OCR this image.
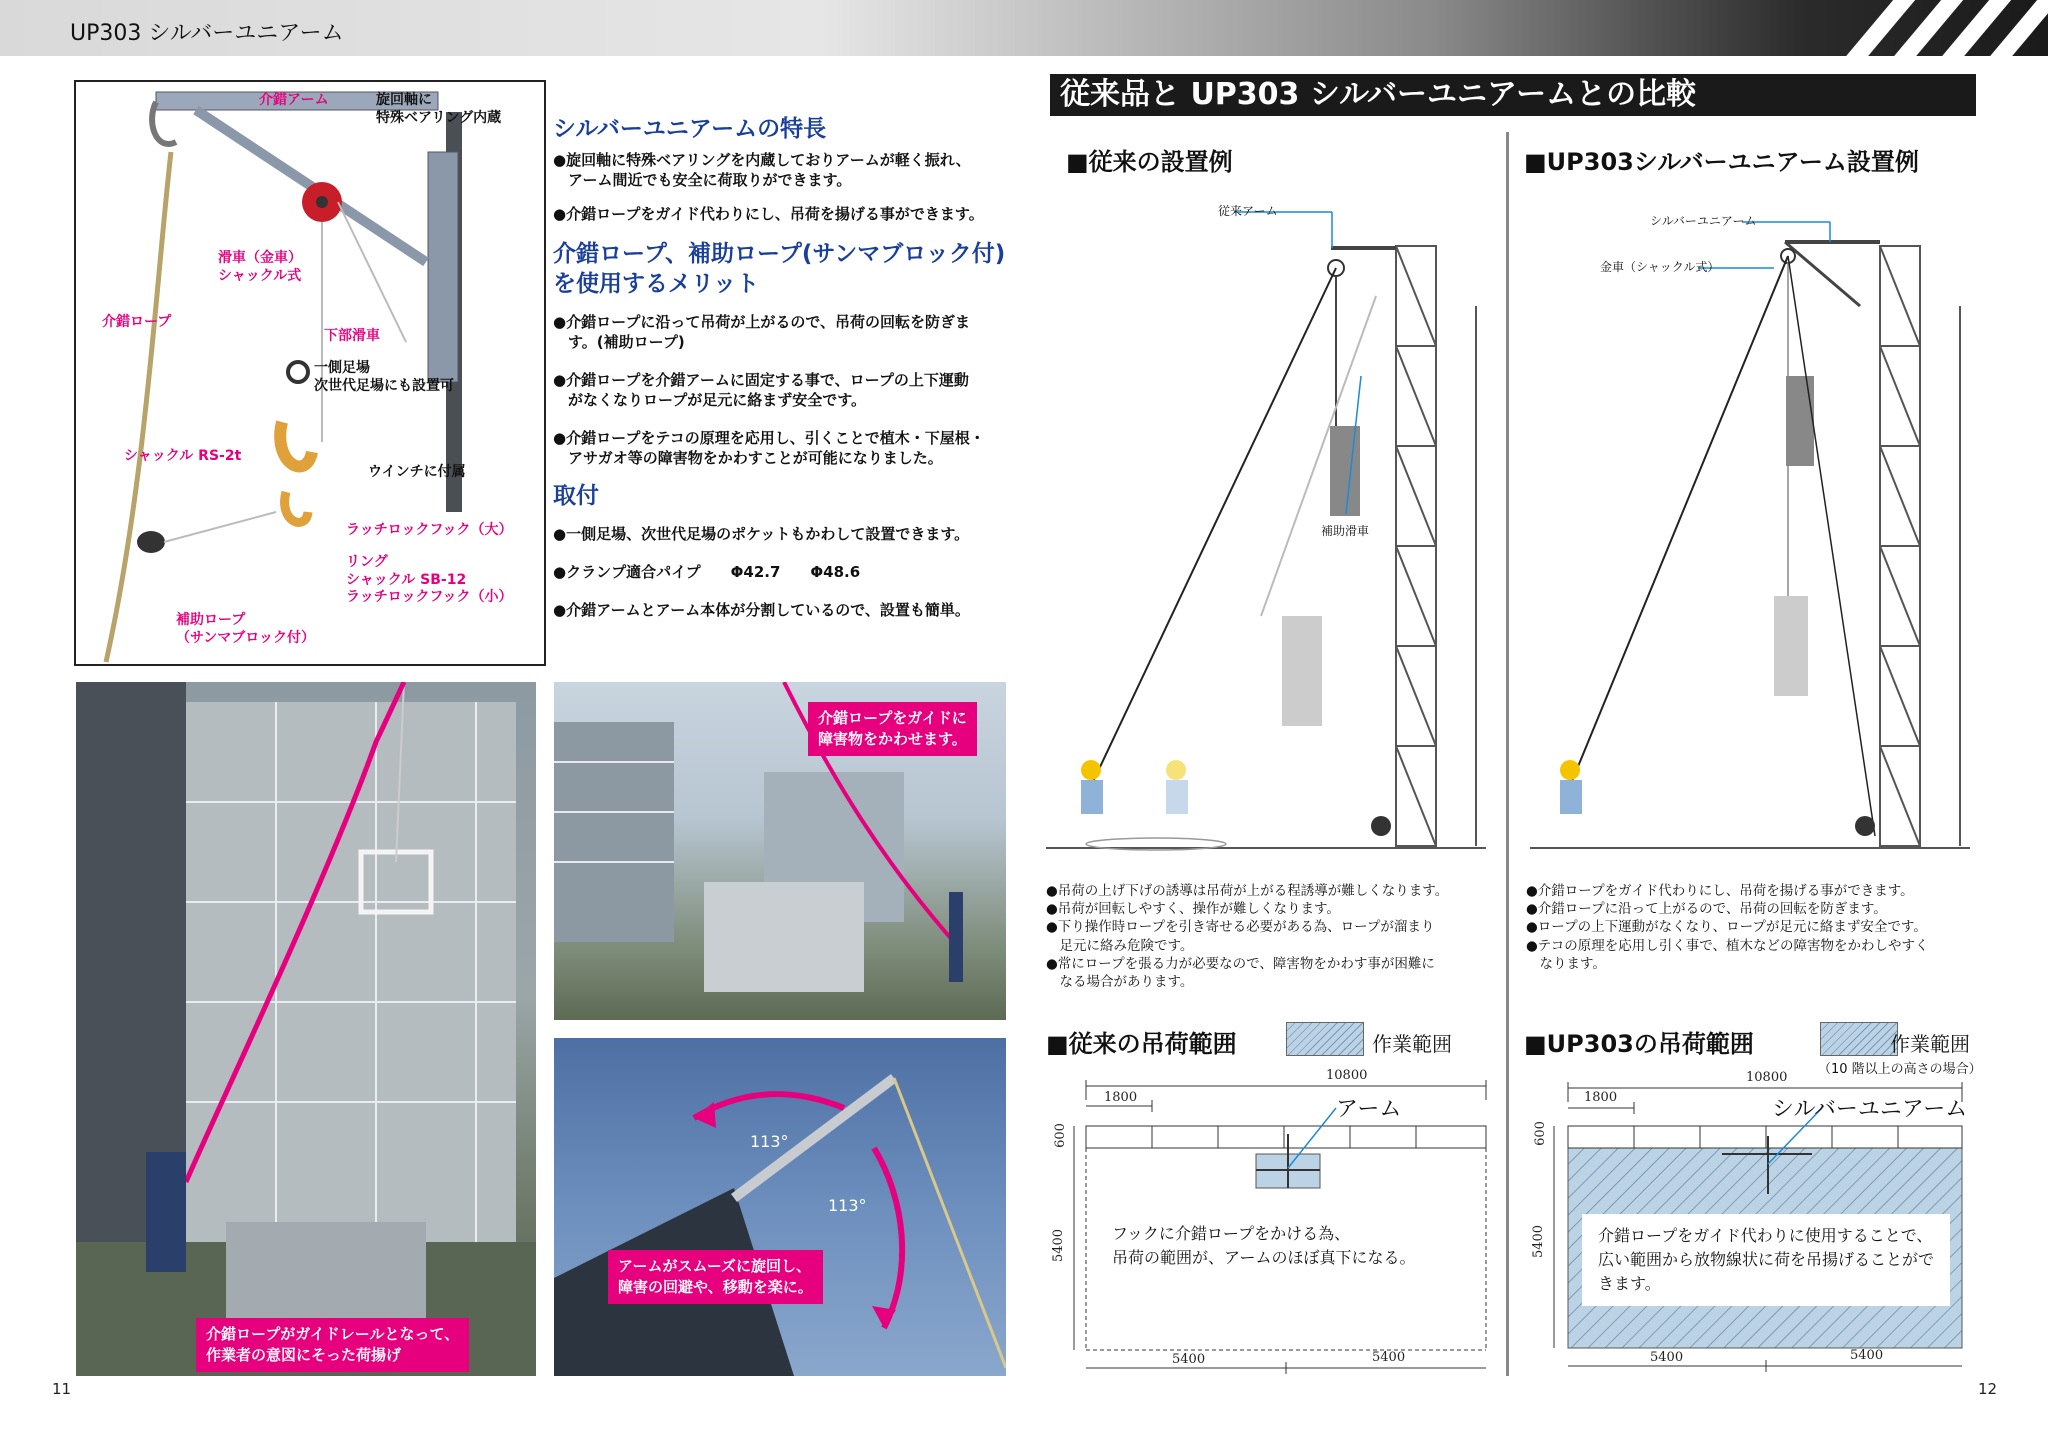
UP303 シルバーユニアーム
介錯アーム	旋回軸に
特殊ベアリング内蔵
滑車（金車）
シャックル式
介錯ロープ
下部滑車
一側足場
次世代足場にも設置可
シャックル RS-2t
ウインチに付属
ラッチロックフック（大）
リング
シャックル SB-12
ラッチロックフック（小）
補助ロープ
（サンマブロック付）
シルバーユニアームの特長
●旋回軸に特殊ベアリングを内蔵しておりアームが軽く振れ、
　アーム間近でも安全に荷取りができます。
●介錯ロープをガイド代わりにし、吊荷を揚げる事ができます。
介錯ロープ、補助ロープ(サンマブロック付)
を使用するメリット
●介錯ロープに沿って吊荷が上がるので、吊荷の回転を防ぎま
　す。(補助ロープ)
●介錯ロープを介錯アームに固定する事で、ロープの上下運動
　がなくなりロープが足元に絡まず安全です。
●介錯ロープをテコの原理を応用し、引くことで植木・下屋根・
　アサガオ等の障害物をかわすことが可能になりました。
取付
●一側足場、次世代足場のポケットもかわして設置できます。
●クランプ適合パイプ　　Φ42.7　　Φ48.6
●介錯アームとアーム本体が分割しているので、設置も簡単。
介錯ロープがガイドレールとなって、
作業者の意図にそった荷揚げ
介錯ロープをガイドに
障害物をかわせます。
113°
113°
アームがスムーズに旋回し、
障害の回避や、移動を楽に。
11
従来品と UP303 シルバーユニアームとの比較
■従来の設置例
従来アーム
補助滑車
●吊荷の上げ下げの誘導は吊荷が上がる程誘導が難しくなります。
●吊荷が回転しやすく、操作が難しくなります。
●下り操作時ロープを引き寄せる必要がある為、ロープが溜まり
　足元に絡み危険です。
●常にロープを張る力が必要なので、障害物をかわす事が困難に
　なる場合があります。
■従来の吊荷範囲	作業範囲
10800
1800
600
5400
5400	5400
アーム
フックに介錯ロープをかける為、
吊荷の範囲が、アームのほぼ真下になる。
■UP303シルバーユニアーム設置例
シルバーユニアーム
金車（シャックル式）
●介錯ロープをガイド代わりにし、吊荷を揚げる事ができます。
●介錯ロープに沿って上がるので、吊荷の回転を防ぎます。
●ロープの上下運動がなくなり、ロープが足元に絡まず安全です。
●テコの原理を応用し引く事で、植木などの障害物をかわしやすく
　なります。
■UP303の吊荷範囲	作業範囲
（10 階以上の高さの場合）
10800
1800
600
5400
5400	5400
シルバーユニアーム
介錯ロープをガイド代わりに使用することで、
広い範囲から放物線状に荷を吊揚げることがで
きます。
12
